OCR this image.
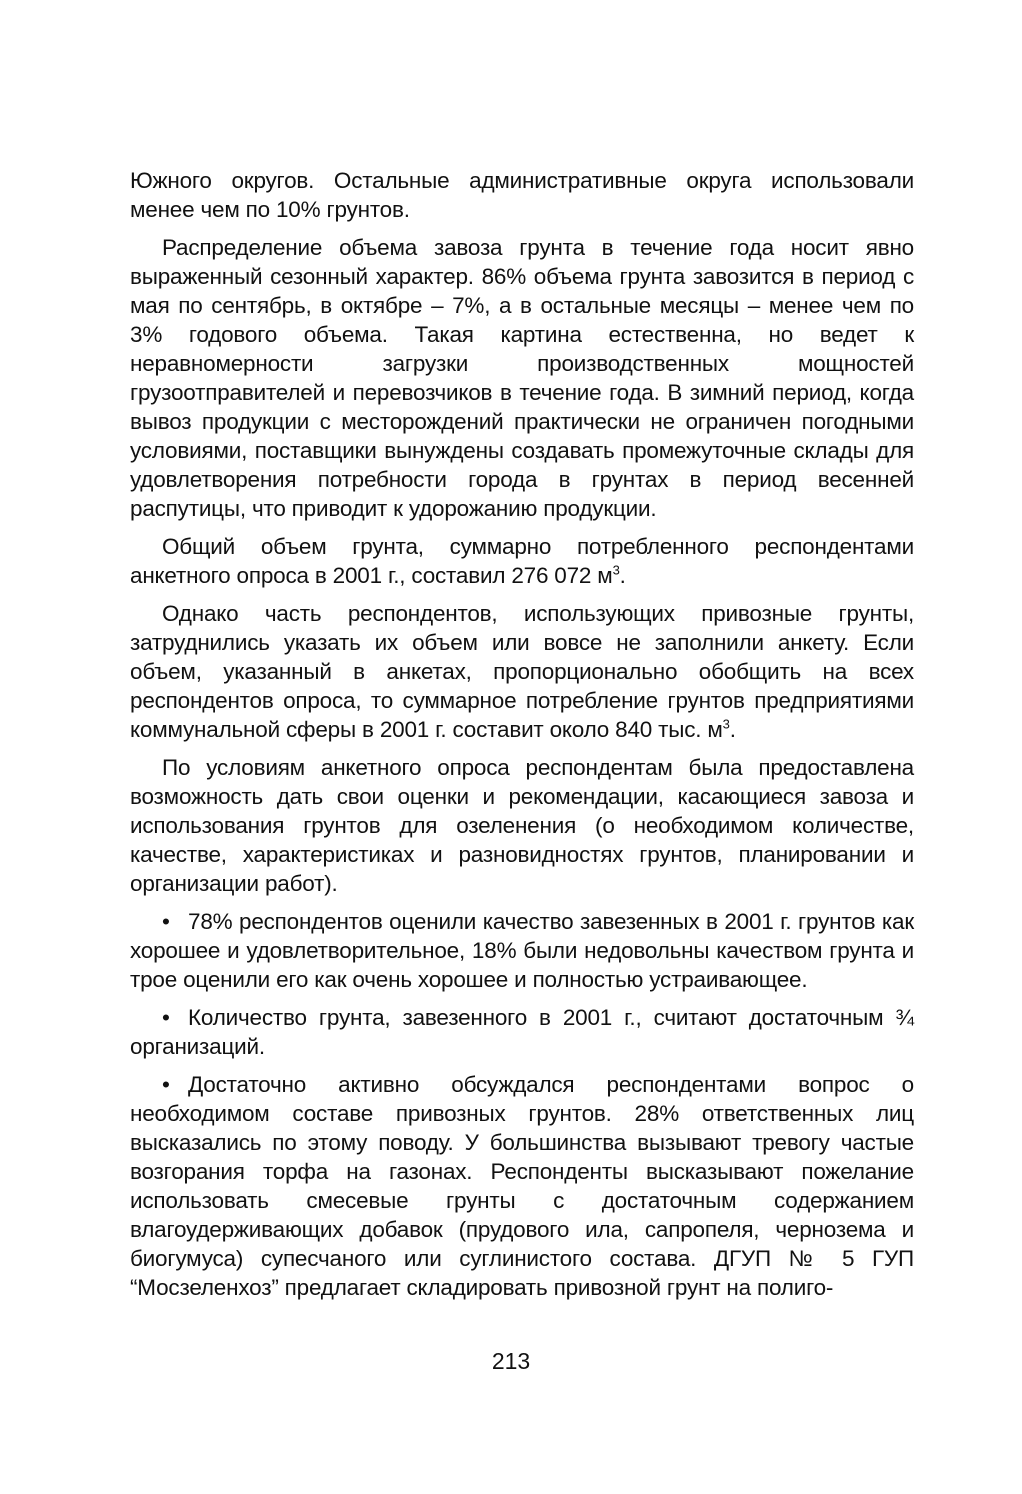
Южного округов. Остальные административные округа использовали менее чем по 10% грунтов.

Распределение объема завоза грунта в течение года носит явно выраженный сезонный характер. 86% объема грунта завозится в период с мая по сентябрь, в октябре – 7%, а в остальные месяцы – менее чем по 3% годового объема. Такая картина естественна, но ведет к неравномерности загрузки производственных мощностей грузоотправителей и перевозчиков в течение года. В зимний период, когда вывоз продукции с месторождений практически не ограничен погодными условиями, поставщики вынуждены создавать промежуточные склады для удовлетворения потребности города в грунтах в период весенней распутицы, что приводит к удорожанию продукции.

Общий объем грунта, суммарно потребленного респондентами анкетного опроса в 2001 г., составил 276 072 $м^3$.

Однако часть респондентов, использующих привозные грунты, затруднились указать их объем или вовсе не заполнили анкету. Если объем, указанный в анкетах, пропорционально обобщить на всех респондентов опроса, то суммарное потребление грунтов предприятиями коммунальной сферы в 2001 г. составит около 840 тыс. $м^3$.

По условиям анкетного опроса респондентам была предоставлена возможность дать свои оценки и рекомендации, касающиеся завоза и использования грунтов для озеленения (о необходимом количестве, качестве, характеристиках и разновидностях грунтов, планировании и организации работ).

• 78% респондентов оценили качество завезенных в 2001 г. грунтов как хорошее и удовлетворительное, 18% были недовольны качеством грунта и трое оценили его как очень хорошее и полностью устраивающее.

• Количество грунта, завезенного в 2001 г., считают достаточным ¾ организаций.

• Достаточно активно обсуждался респондентами вопрос о необходимом составе привозных грунтов. 28% ответственных лиц высказались по этому поводу. У большинства вызывают тревогу частые возгорания торфа на газонах. Респонденты высказывают пожелание использовать смесевые грунты с достаточным содержанием влагоудерживающих добавок (прудового ила, сапропеля, чернозема и биогумуса) супесчаного или суглинистого состава. ДГУП № 5 ГУП “Мосзеленхоз” предлагает складировать привозной грунт на полиго-

213
